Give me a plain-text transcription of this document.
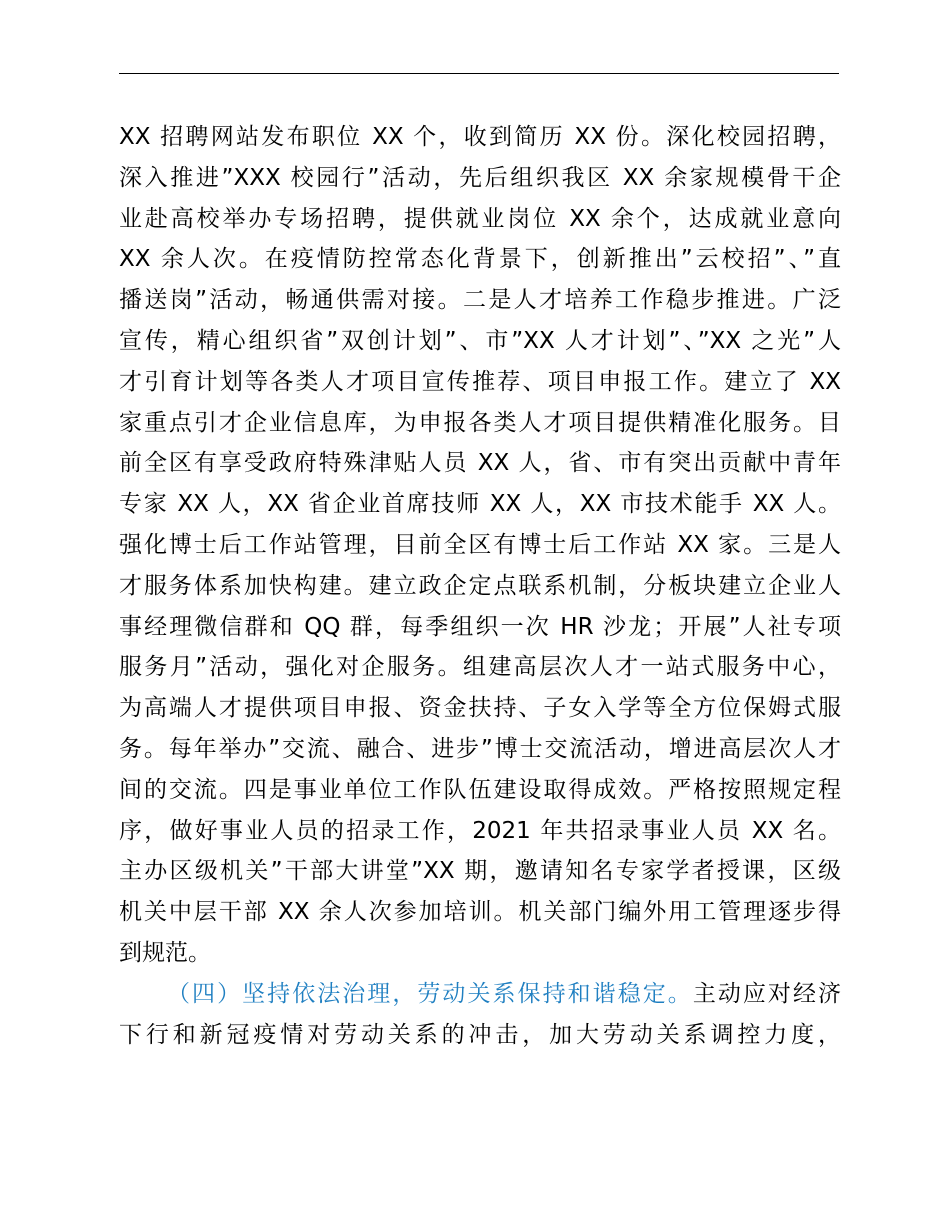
XX 招聘网站发布职位 XX 个，收到简历 XX 份。深化校园招聘，
深入推进”XXX 校园行”活动，先后组织我区 XX 余家规模骨干企
业赴高校举办专场招聘，提供就业岗位 XX 余个，达成就业意向
XX 余人次。在疫情防控常态化背景下，创新推出”云校招”、”直
播送岗”活动，畅通供需对接。二是人才培养工作稳步推进。广泛
宣传，精心组织省”双创计划”、市”XX 人才计划”、”XX 之光”人
才引育计划等各类人才项目宣传推荐、项目申报工作。建立了 XX
家重点引才企业信息库，为申报各类人才项目提供精准化服务。目
前全区有享受政府特殊津贴人员 XX 人，省、市有突出贡献中青年
专家 XX 人，XX 省企业首席技师 XX 人，XX 市技术能手 XX 人。
强化博士后工作站管理，目前全区有博士后工作站 XX 家。三是人
才服务体系加快构建。建立政企定点联系机制，分板块建立企业人
事经理微信群和 QQ 群，每季组织一次 HR 沙龙；开展”人社专项
服务月”活动，强化对企服务。组建高层次人才一站式服务中心，
为高端人才提供项目申报、资金扶持、子女入学等全方位保姆式服
务。每年举办”交流、融合、进步”博士交流活动，增进高层次人才
间的交流。四是事业单位工作队伍建设取得成效。严格按照规定程
序，做好事业人员的招录工作，2021 年共招录事业人员 XX 名。
主办区级机关”干部大讲堂”XX 期，邀请知名专家学者授课，区级
机关中层干部 XX 余人次参加培训。机关部门编外用工管理逐步得
到规范。
（四）坚持依法治理，劳动关系保持和谐稳定。主动应对经济
下行和新冠疫情对劳动关系的冲击，加大劳动关系调控力度，
